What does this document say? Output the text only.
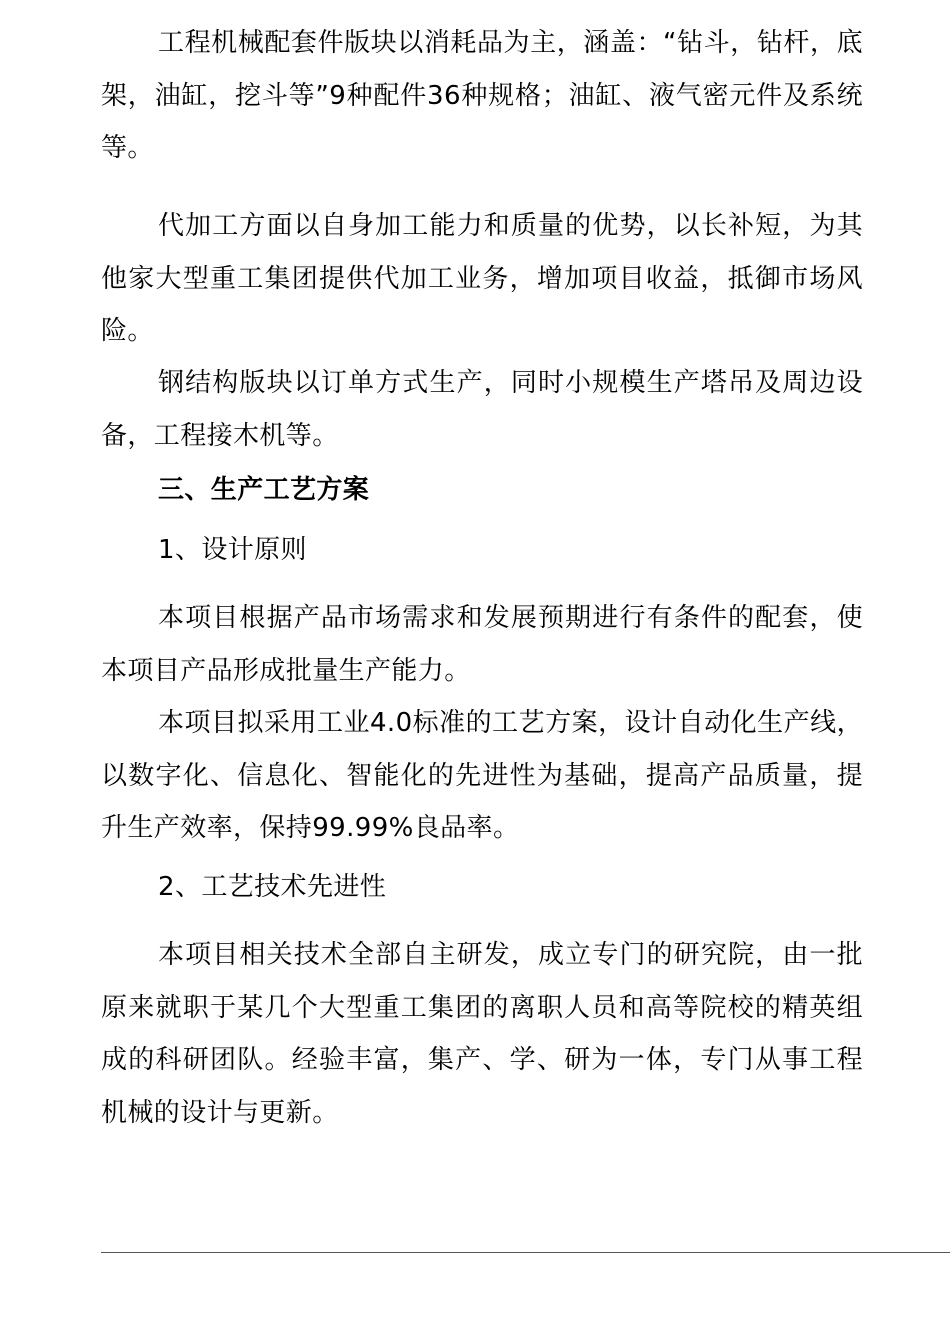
工程机械配套件版块以消耗品为主，涵盖：“钻斗，钻杆，底架，油缸，挖斗等”9种配件36种规格；油缸、液气密元件及系统等。

代加工方面以自身加工能力和质量的优势，以长补短，为其他家大型重工集团提供代加工业务，增加项目收益，抵御市场风险。

钢结构版块以订单方式生产，同时小规模生产塔吊及周边设备，工程接木机等。

三、生产工艺方案

1、设计原则

本项目根据产品市场需求和发展预期进行有条件的配套，使本项目产品形成批量生产能力。

本项目拟采用工业4.0标准的工艺方案，设计自动化生产线，以数字化、信息化、智能化的先进性为基础，提高产品质量，提升生产效率，保持99.99%良品率。

2、工艺技术先进性

本项目相关技术全部自主研发，成立专门的研究院，由一批原来就职于某几个大型重工集团的离职人员和高等院校的精英组成的科研团队。经验丰富，集产、学、研为一体，专门从事工程机械的设计与更新。
